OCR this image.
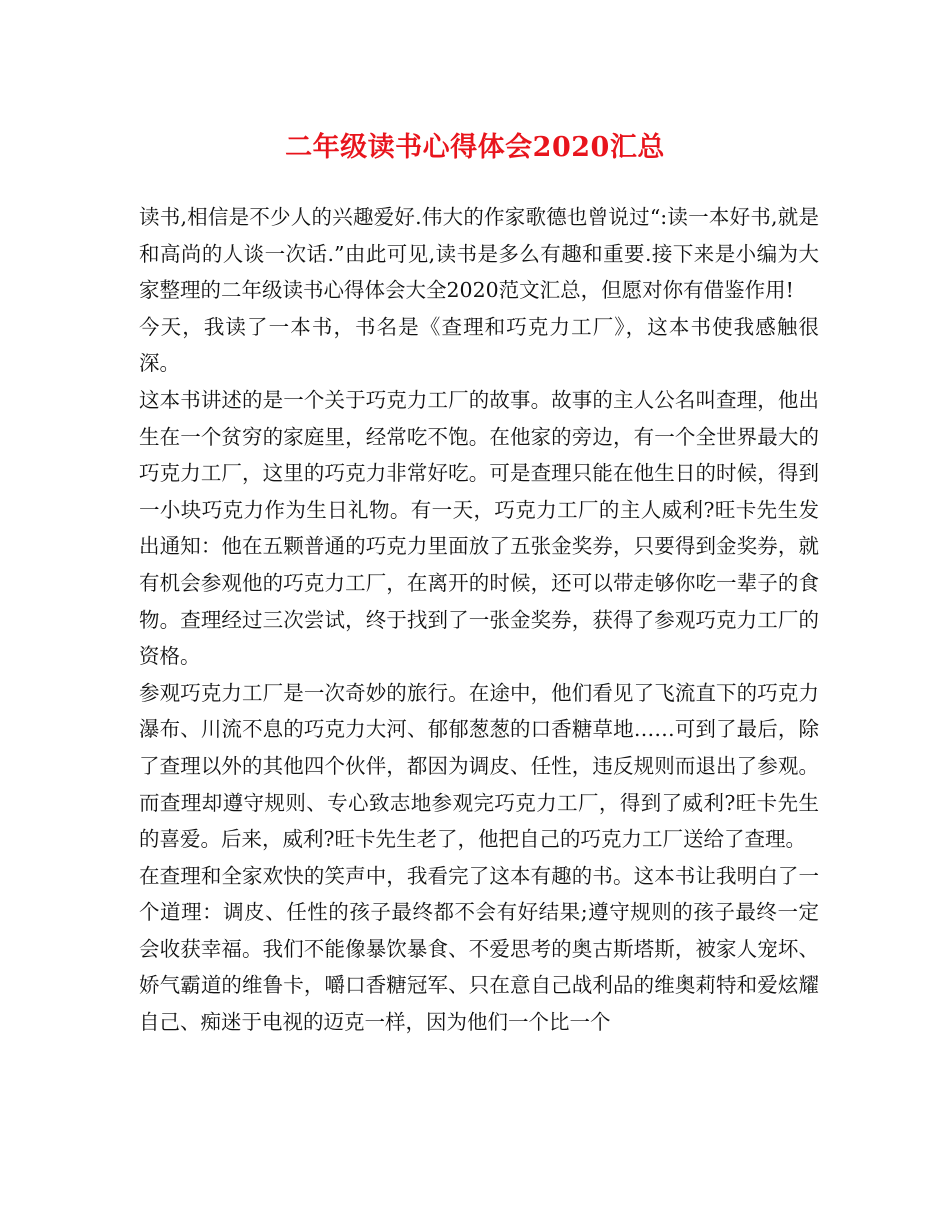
二年级读书心得体会2020汇总

读书,相信是不少人的兴趣爱好.伟大的作家歌德也曾说过“:读一本好书,就是和高尚的人谈一次话.”由此可见,读书是多么有趣和重要.接下来是小编为大家整理的二年级读书心得体会大全2020范文汇总，但愿对你有借鉴作用!

今天，我读了一本书，书名是《查理和巧克力工厂》，这本书使我感触很深。

这本书讲述的是一个关于巧克力工厂的故事。故事的主人公名叫查理，他出生在一个贫穷的家庭里，经常吃不饱。在他家的旁边，有一个全世界最大的巧克力工厂，这里的巧克力非常好吃。可是查理只能在他生日的时候，得到一小块巧克力作为生日礼物。有一天，巧克力工厂的主人威利?旺卡先生发出通知：他在五颗普通的巧克力里面放了五张金奖券，只要得到金奖券，就有机会参观他的巧克力工厂，在离开的时候，还可以带走够你吃一辈子的食物。查理经过三次尝试，终于找到了一张金奖券，获得了参观巧克力工厂的资格。

参观巧克力工厂是一次奇妙的旅行。在途中，他们看见了飞流直下的巧克力瀑布、川流不息的巧克力大河、郁郁葱葱的口香糖草地……可到了最后，除了查理以外的其他四个伙伴，都因为调皮、任性，违反规则而退出了参观。而查理却遵守规则、专心致志地参观完巧克力工厂，得到了威利?旺卡先生的喜爱。后来，威利?旺卡先生老了，他把自己的巧克力工厂送给了查理。

在查理和全家欢快的笑声中，我看完了这本有趣的书。这本书让我明白了一个道理：调皮、任性的孩子最终都不会有好结果;遵守规则的孩子最终一定会收获幸福。我们不能像暴饮暴食、不爱思考的奥古斯塔斯，被家人宠坏、娇气霸道的维鲁卡，嚼口香糖冠军、只在意自己战利品的维奥莉特和爱炫耀自己、痴迷于电视的迈克一样，因为他们一个比一个
